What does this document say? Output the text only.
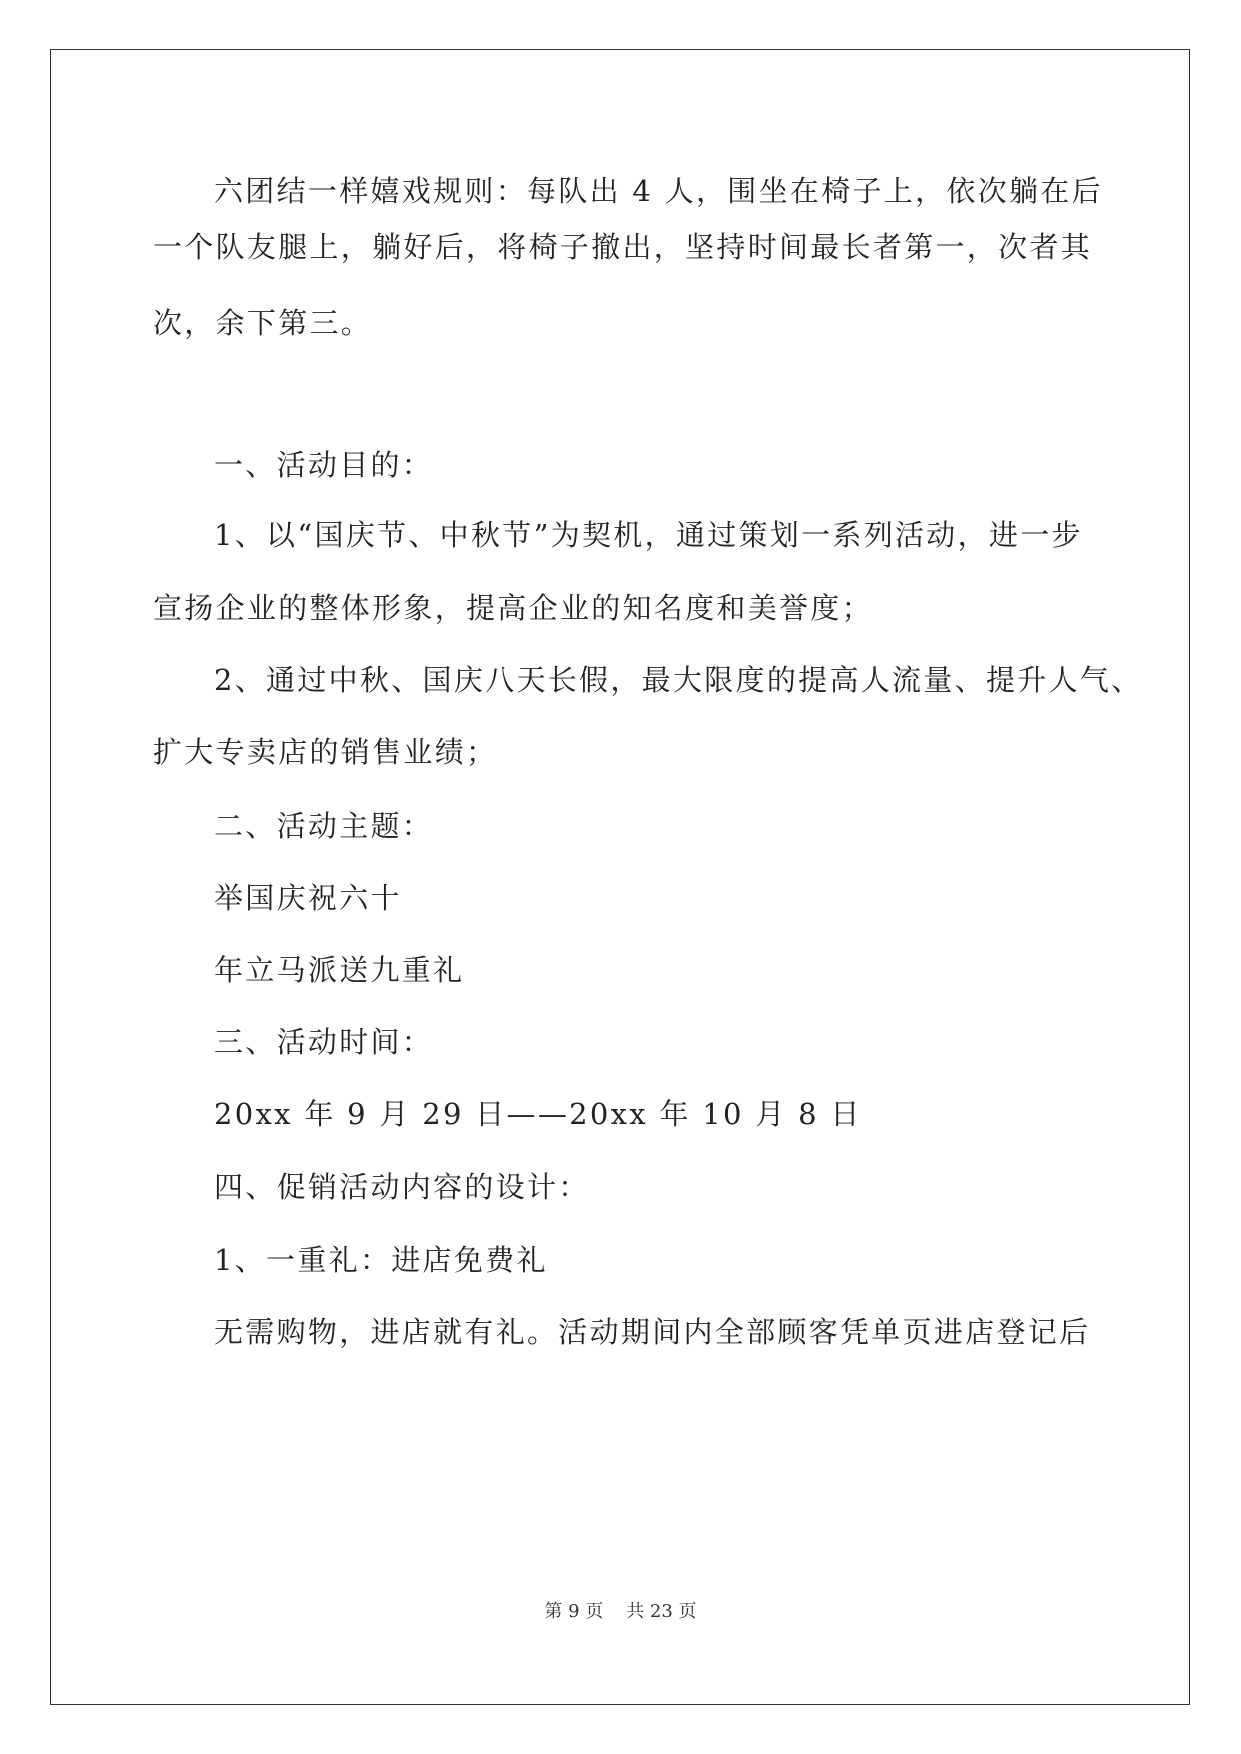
六团结一样嬉戏规则：每队出 4 人，围坐在椅子上，依次躺在后

一个队友腿上，躺好后，将椅子撤出，坚持时间最长者第一，次者其

次，余下第三。

一、活动目的：

1、以“国庆节、中秋节”为契机，通过策划一系列活动，进一步

宣扬企业的整体形象，提高企业的知名度和美誉度；

2、通过中秋、国庆八天长假，最大限度的提高人流量、提升人气、

扩大专卖店的销售业绩；

二、活动主题：

举国庆祝六十

年立马派送九重礼

三、活动时间：

20xx 年 9 月 29 日——20xx 年 10 月 8 日

四、促销活动内容的设计：

1、一重礼：进店免费礼

无需购物，进店就有礼。活动期间内全部顾客凭单页进店登记后

第 9 页    共 23 页
